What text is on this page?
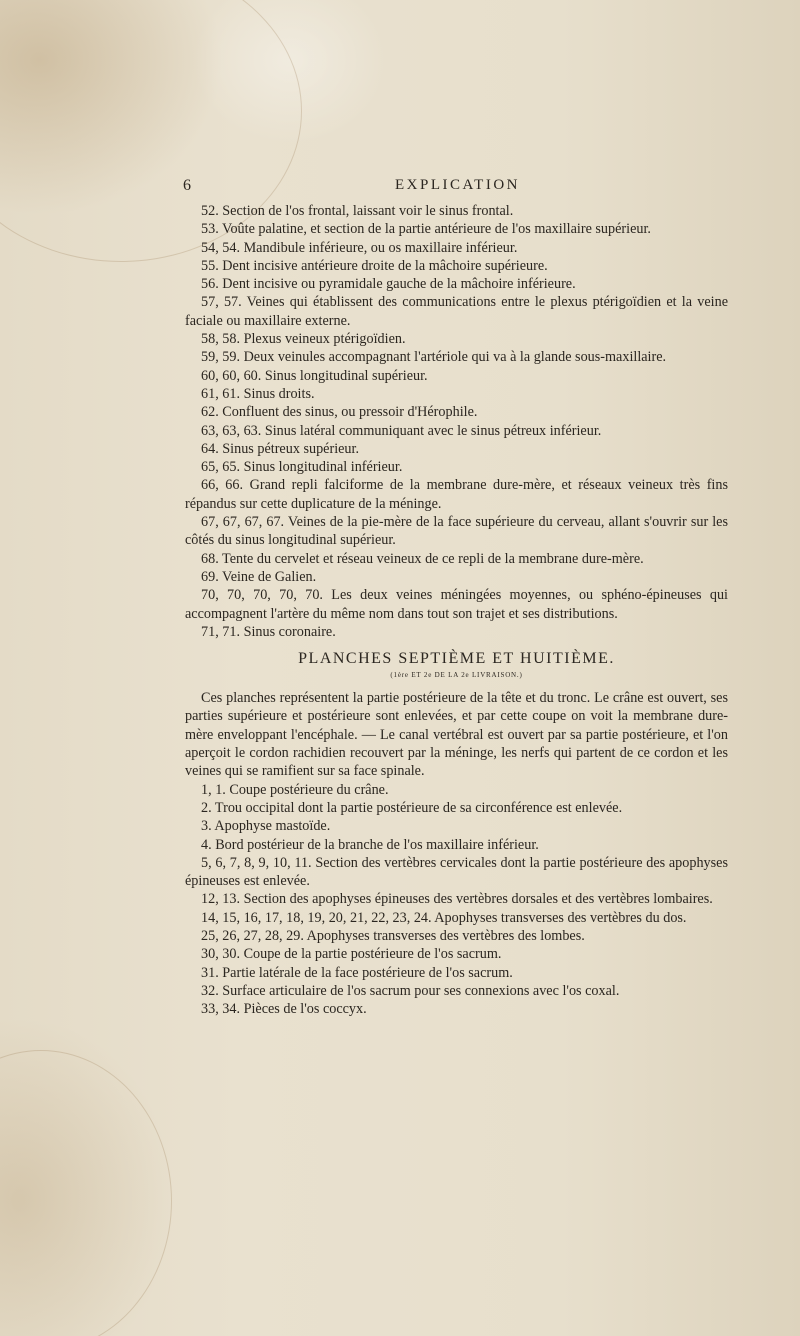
6	EXPLICATION

52. Section de l'os frontal, laissant voir le sinus frontal.

53. Voûte palatine, et section de la partie antérieure de l'os maxillaire supérieur.

54, 54. Mandibule inférieure, ou os maxillaire inférieur.

55. Dent incisive antérieure droite de la mâchoire supérieure.

56. Dent incisive ou pyramidale gauche de la mâchoire inférieure.

57, 57. Veines qui établissent des communications entre le plexus ptérigoïdien et la veine faciale ou maxillaire externe.

58, 58. Plexus veineux ptérigoïdien.

59, 59. Deux veinules accompagnant l'artériole qui va à la glande sous-maxillaire.

60, 60, 60. Sinus longitudinal supérieur.

61, 61. Sinus droits.

62. Confluent des sinus, ou pressoir d'Hérophile.

63, 63, 63. Sinus latéral communiquant avec le sinus pétreux inférieur.

64. Sinus pétreux supérieur.

65, 65. Sinus longitudinal inférieur.

66, 66. Grand repli falciforme de la membrane dure-mère, et réseaux veineux très fins répandus sur cette duplicature de la méninge.

67, 67, 67, 67. Veines de la pie-mère de la face supérieure du cerveau, allant s'ouvrir sur les côtés du sinus longitudinal supérieur.

68. Tente du cervelet et réseau veineux de ce repli de la membrane dure-mère.

69. Veine de Galien.

70, 70, 70, 70, 70. Les deux veines méningées moyennes, ou sphéno-épineuses qui accompagnent l'artère du même nom dans tout son trajet et ses distributions.

71, 71. Sinus coronaire.

PLANCHES SEPTIÈME ET HUITIÈME.

(1ère ET 2e DE LA 2e LIVRAISON.)

Ces planches représentent la partie postérieure de la tête et du tronc. Le crâne est ouvert, ses parties supérieure et postérieure sont enlevées, et par cette coupe on voit la membrane dure-mère enveloppant l'encéphale. — Le canal vertébral est ouvert par sa partie postérieure, et l'on aperçoit le cordon rachidien recouvert par la méninge, les nerfs qui partent de ce cordon et les veines qui se ramifient sur sa face spinale.

1, 1. Coupe postérieure du crâne.

2. Trou occipital dont la partie postérieure de sa circonférence est enlevée.

3. Apophyse mastoïde.

4. Bord postérieur de la branche de l'os maxillaire inférieur.

5, 6, 7, 8, 9, 10, 11. Section des vertèbres cervicales dont la partie postérieure des apophyses épineuses est enlevée.

12, 13. Section des apophyses épineuses des vertèbres dorsales et des vertèbres lombaires.

14, 15, 16, 17, 18, 19, 20, 21, 22, 23, 24. Apophyses transverses des vertèbres du dos.

25, 26, 27, 28, 29. Apophyses transverses des vertèbres des lombes.

30, 30. Coupe de la partie postérieure de l'os sacrum.

31. Partie latérale de la face postérieure de l'os sacrum.

32. Surface articulaire de l'os sacrum pour ses connexions avec l'os coxal.

33, 34. Pièces de l'os coccyx.
